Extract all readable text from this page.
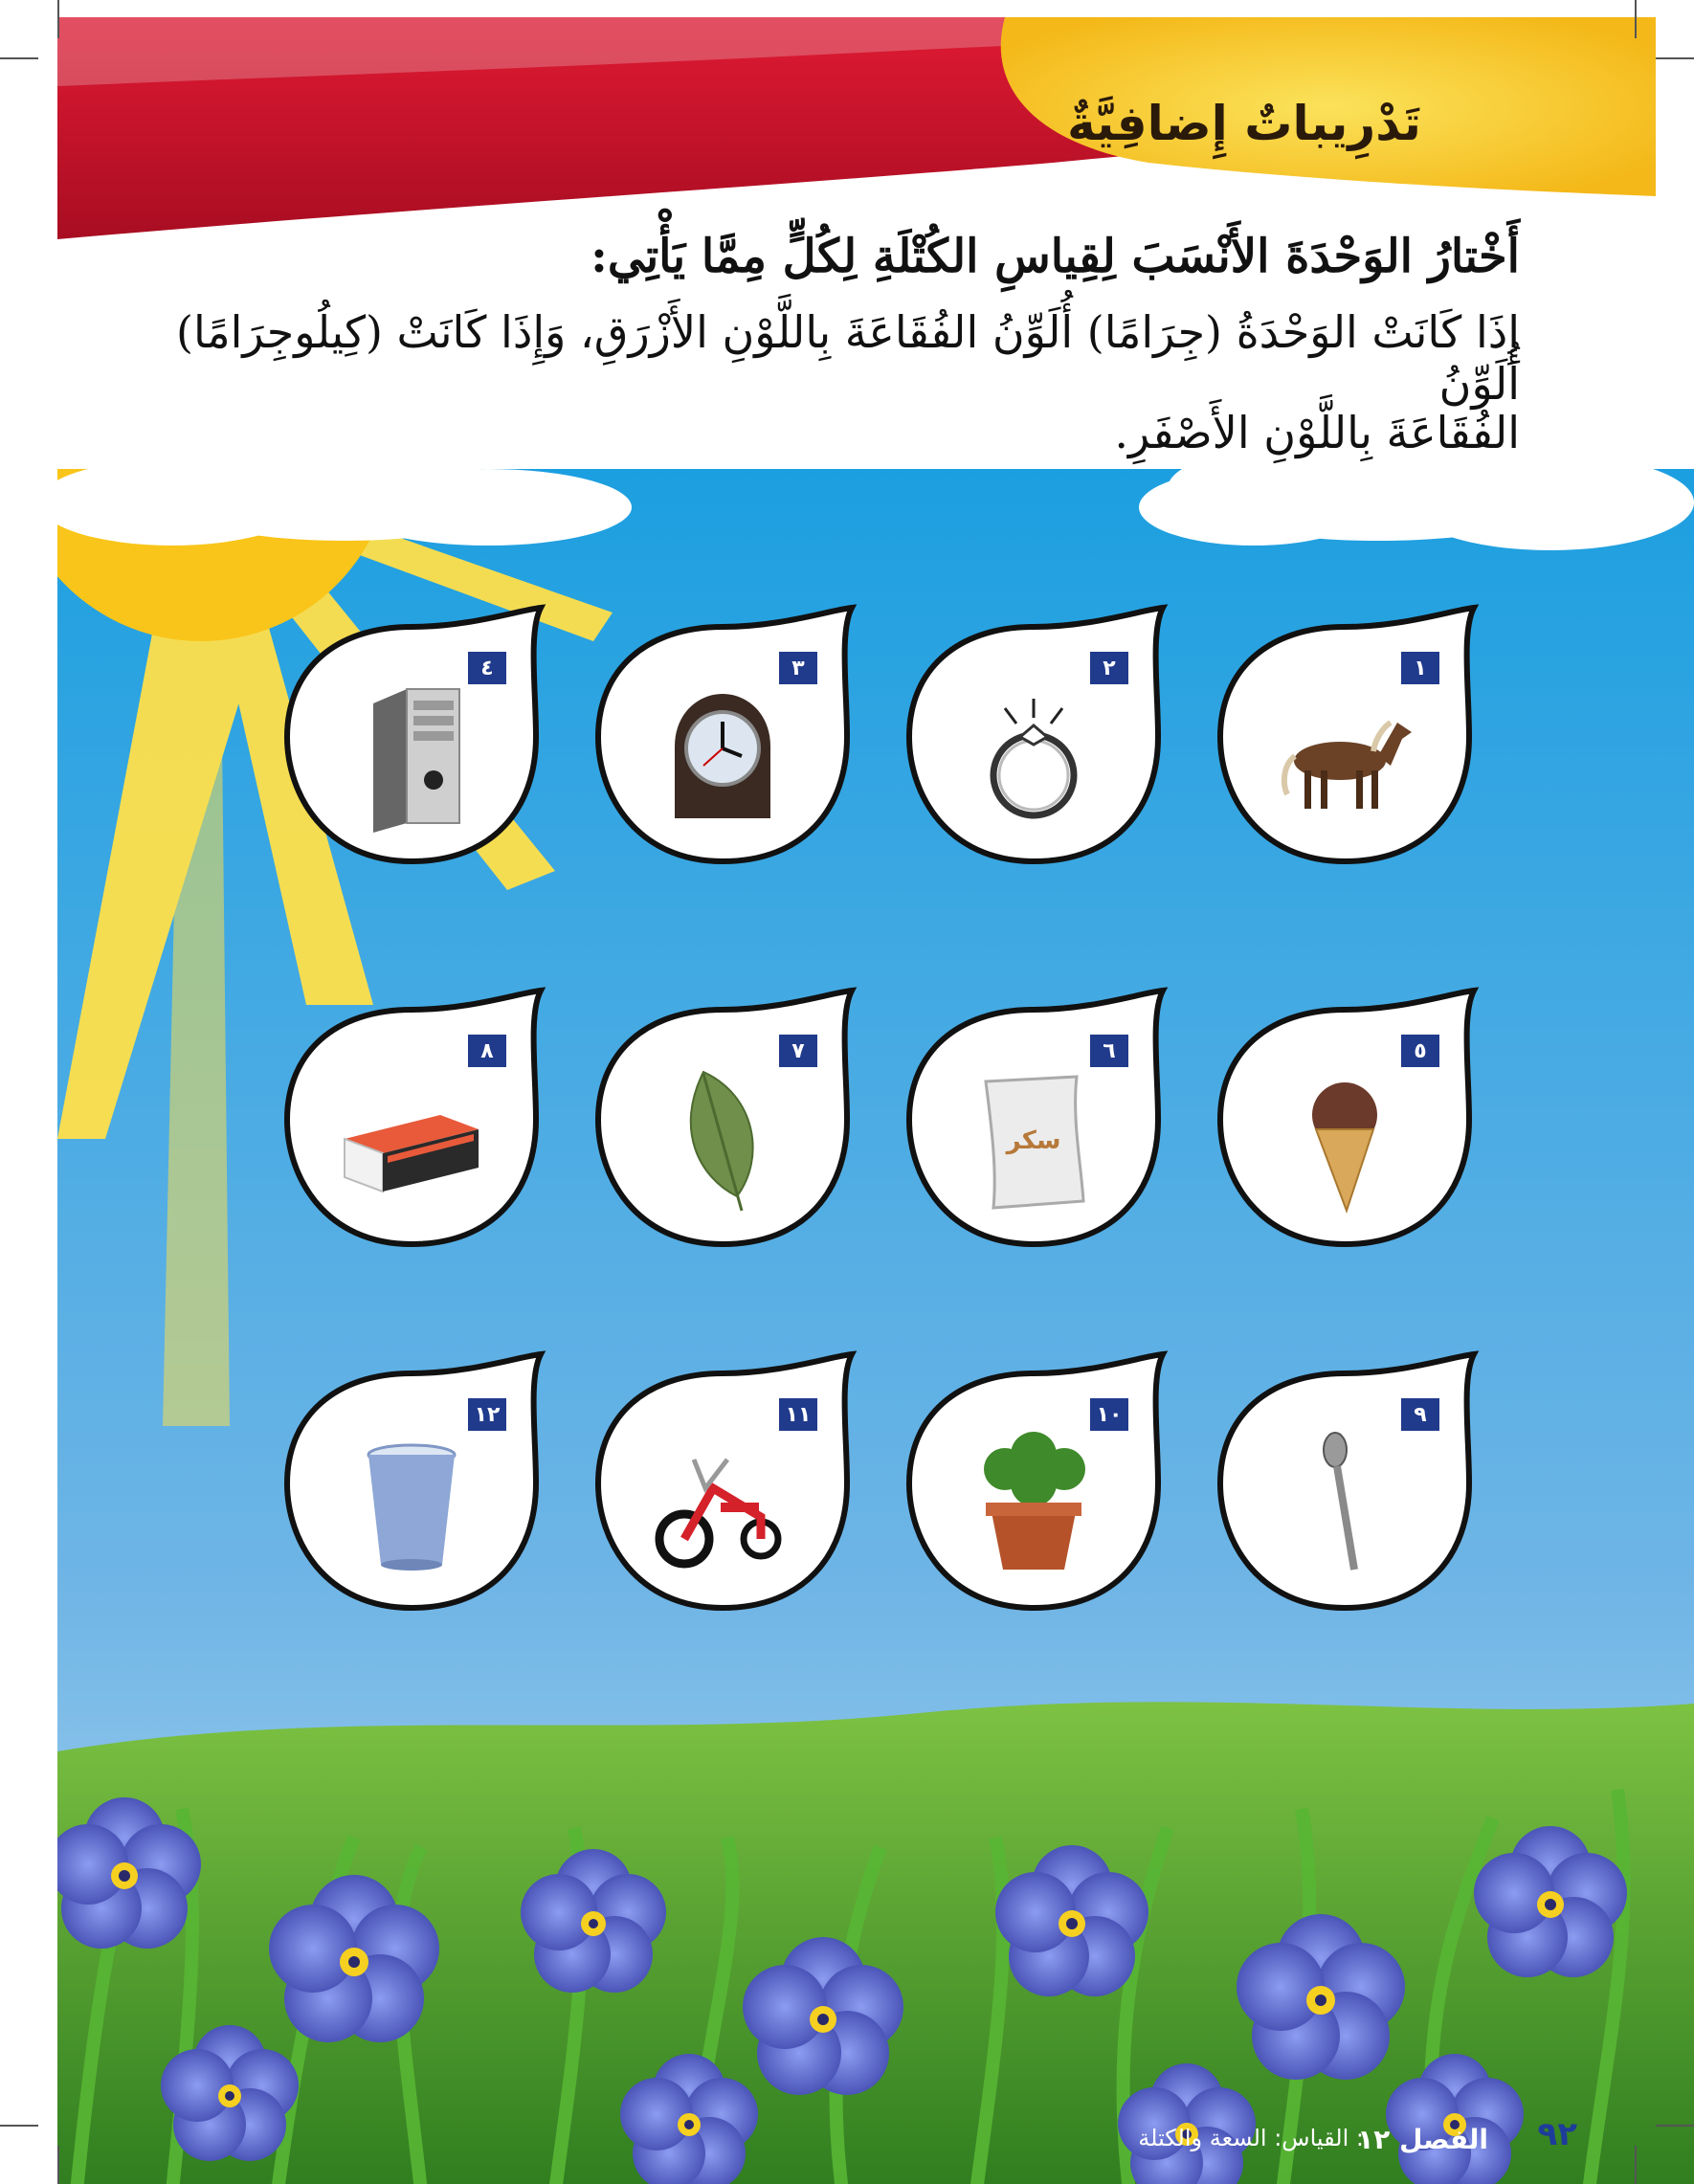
تَدْرِيباتٌ إِضافِيَّةٌ
أَخْتارُ الوَحْدَةَ الأَنْسَبَ لِقِياسِ الكُتْلَةِ لِكُلٍّ مِمَّا يَأْتِي:
إِذَا كَانَتْ الوَحْدَةُ (جِرَامًا) أُلَوِّنُ الفُقَاعَةَ بِاللَّوْنِ الأَزْرَقِ، وَإِذَا كَانَتْ (كِيلُوجِرَامًا) أُلَوِّنُ
الفُقَاعَةَ بِاللَّوْنِ الأَصْفَرِ.
١
٢
٣
٤
٥
٦
سكر
٧
٨
٩
١٠
١١
١٢
٩٢
الفصل ١٢
: القياس: السعة والكتلة
